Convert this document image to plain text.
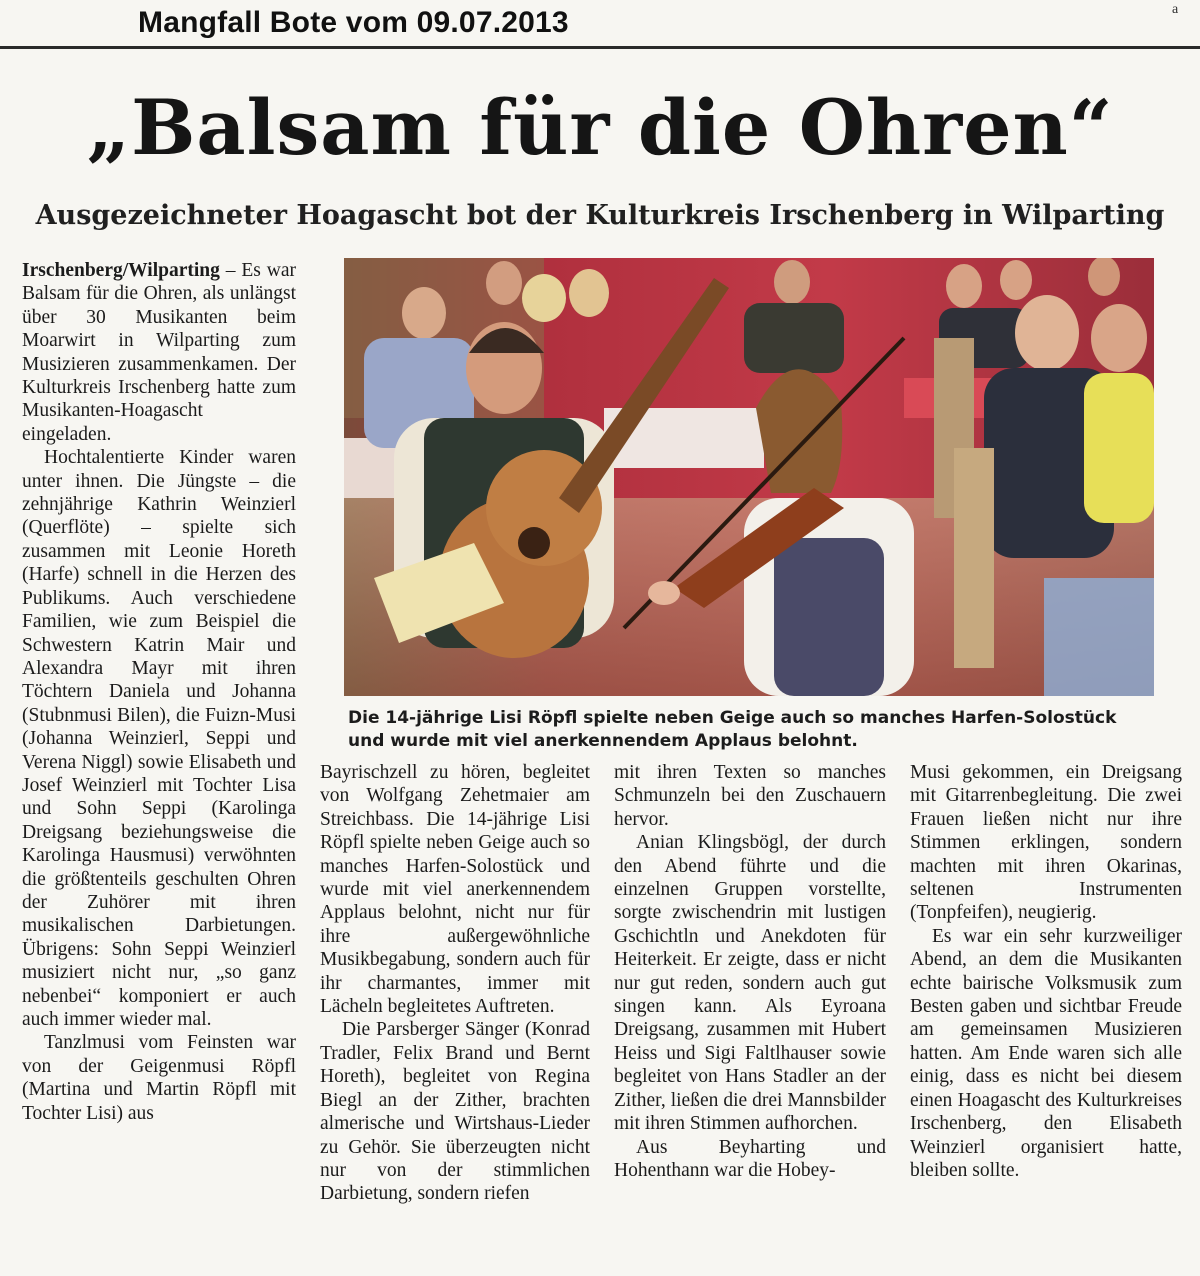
Mangfall Bote vom 09.07.2013	a
„Balsam für die Ohren“
Ausgezeichneter Hoagascht bot der Kulturkreis Irschenberg in Wilparting

Irschenberg/Wilparting – Es war Balsam für die Ohren, als unlängst über 30 Musikanten beim Moarwirt in Wilparting zum Musizieren zusammenkamen. Der Kulturkreis Irschenberg hatte zum Musikanten-Hoagascht eingeladen.

Hochtalentierte Kinder waren unter ihnen. Die Jüngste – die zehnjährige Kathrin Weinzierl (Querflöte) – spielte sich zusammen mit Leonie Horeth (Harfe) schnell in die Herzen des Publikums. Auch verschiedene Familien, wie zum Beispiel die Schwestern Katrin Mair und Alexandra Mayr mit ihren Töchtern Daniela und Johanna (Stubnmusi Bilen), die Fuizn-Musi (Johanna Weinzierl, Seppi und Verena Niggl) sowie Elisabeth und Josef Weinzierl mit Tochter Lisa und Sohn Seppi (Karolinga Dreigsang beziehungsweise die Karolinga Hausmusi) verwöhnten die größtenteils geschulten Ohren der Zuhörer mit ihren musikalischen Darbietungen. Übrigens: Sohn Seppi Weinzierl musiziert nicht nur, „so ganz nebenbei“ komponiert er auch auch immer wieder mal.

Tanzlmusi vom Feinsten war von der Geigenmusi Röpfl (Martina und Martin Röpfl mit Tochter Lisi) aus

Die 14-jährige Lisi Röpfl spielte neben Geige auch so manches Harfen-Solostück und wurde mit viel anerkennendem Applaus belohnt.

Bayrischzell zu hören, begleitet von Wolfgang Zehetmaier am Streichbass. Die 14-jährige Lisi Röpfl spielte neben Geige auch so manches Harfen-Solostück und wurde mit viel anerkennendem Applaus belohnt, nicht nur für ihre außergewöhnliche Musikbegabung, sondern auch für ihr charmantes, immer mit Lächeln begleitetes Auftreten.

Die Parsberger Sänger (Konrad Tradler, Felix Brand und Bernt Horeth), begleitet von Regina Biegl an der Zither, brachten almerische und Wirtshaus-Lieder zu Gehör. Sie überzeugten nicht nur von der stimmlichen Darbietung, sondern riefen

mit ihren Texten so manches Schmunzeln bei den Zuschauern hervor.

Anian Klingsbögl, der durch den Abend führte und die einzelnen Gruppen vorstellte, sorgte zwischendrin mit lustigen Gschichtln und Anekdoten für Heiterkeit. Er zeigte, dass er nicht nur gut reden, sondern auch gut singen kann. Als Eyroana Dreigsang, zusammen mit Hubert Heiss und Sigi Faltlhauser sowie begleitet von Hans Stadler an der Zither, ließen die drei Mannsbilder mit ihren Stimmen aufhorchen.

Aus Beyharting und Hohenthann war die Hobey-

Musi gekommen, ein Dreigsang mit Gitarrenbegleitung. Die zwei Frauen ließen nicht nur ihre Stimmen erklingen, sondern machten mit ihren Okarinas, seltenen Instrumenten (Tonpfeifen), neugierig.

Es war ein sehr kurzweiliger Abend, an dem die Musikanten echte bairische Volksmusik zum Besten gaben und sichtbar Freude am gemeinsamen Musizieren hatten. Am Ende waren sich alle einig, dass es nicht bei diesem einen Hoagascht des Kulturkreises Irschenberg, den Elisabeth Weinzierl organisiert hatte, bleiben sollte.
